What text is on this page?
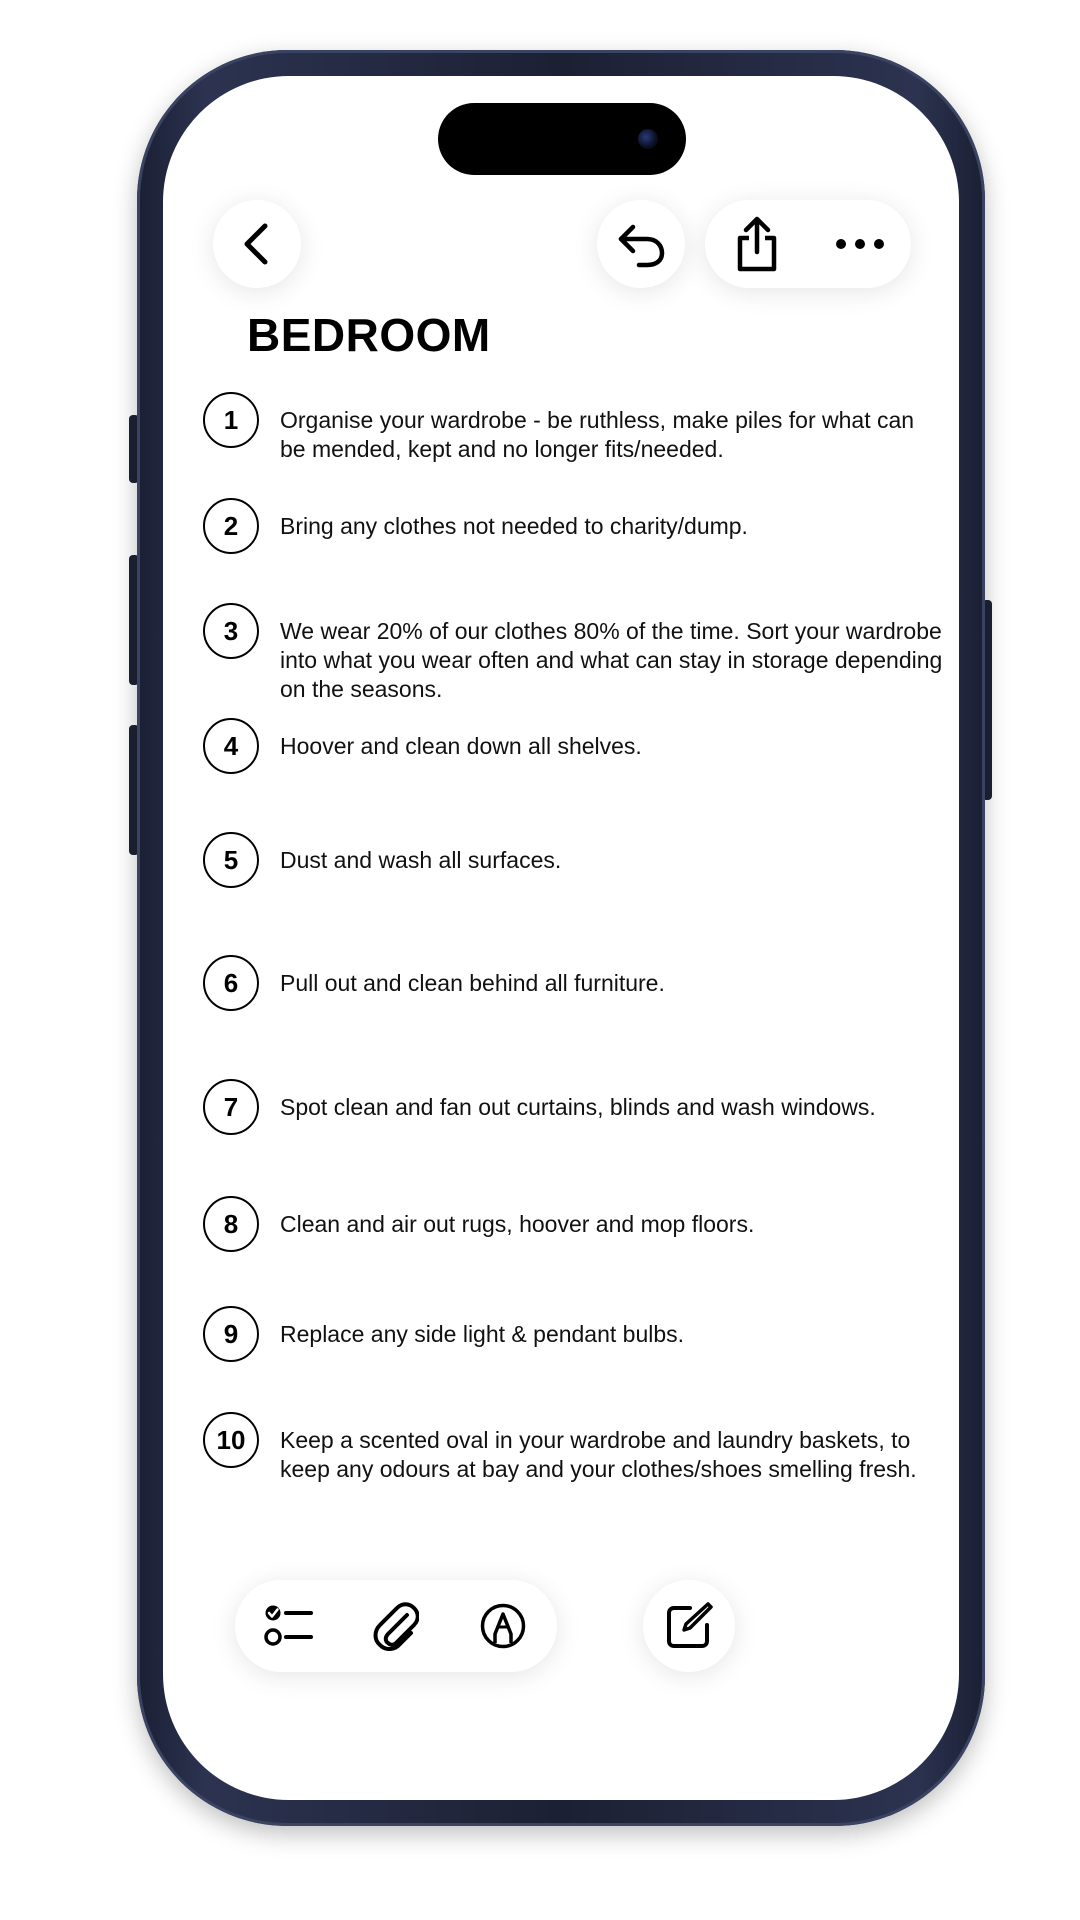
BEDROOM
1	Organise your wardrobe - be ruthless, make piles for what can be mended, kept and no longer fits/needed.
2	Bring any clothes not needed to charity/dump.
3	We wear 20% of our clothes 80% of the time. Sort your wardrobe into what you wear often and what can stay in storage depending on the seasons.
4	Hoover and clean down all shelves.
5	Dust and wash all surfaces.
6	Pull out and clean behind all furniture.
7	Spot clean and fan out curtains, blinds and wash windows.
8	Clean and air out rugs, hoover and mop floors.
9	Replace any side light & pendant bulbs.
10	Keep a scented oval in your wardrobe and laundry baskets, to keep any odours at bay and your clothes/shoes smelling fresh.
